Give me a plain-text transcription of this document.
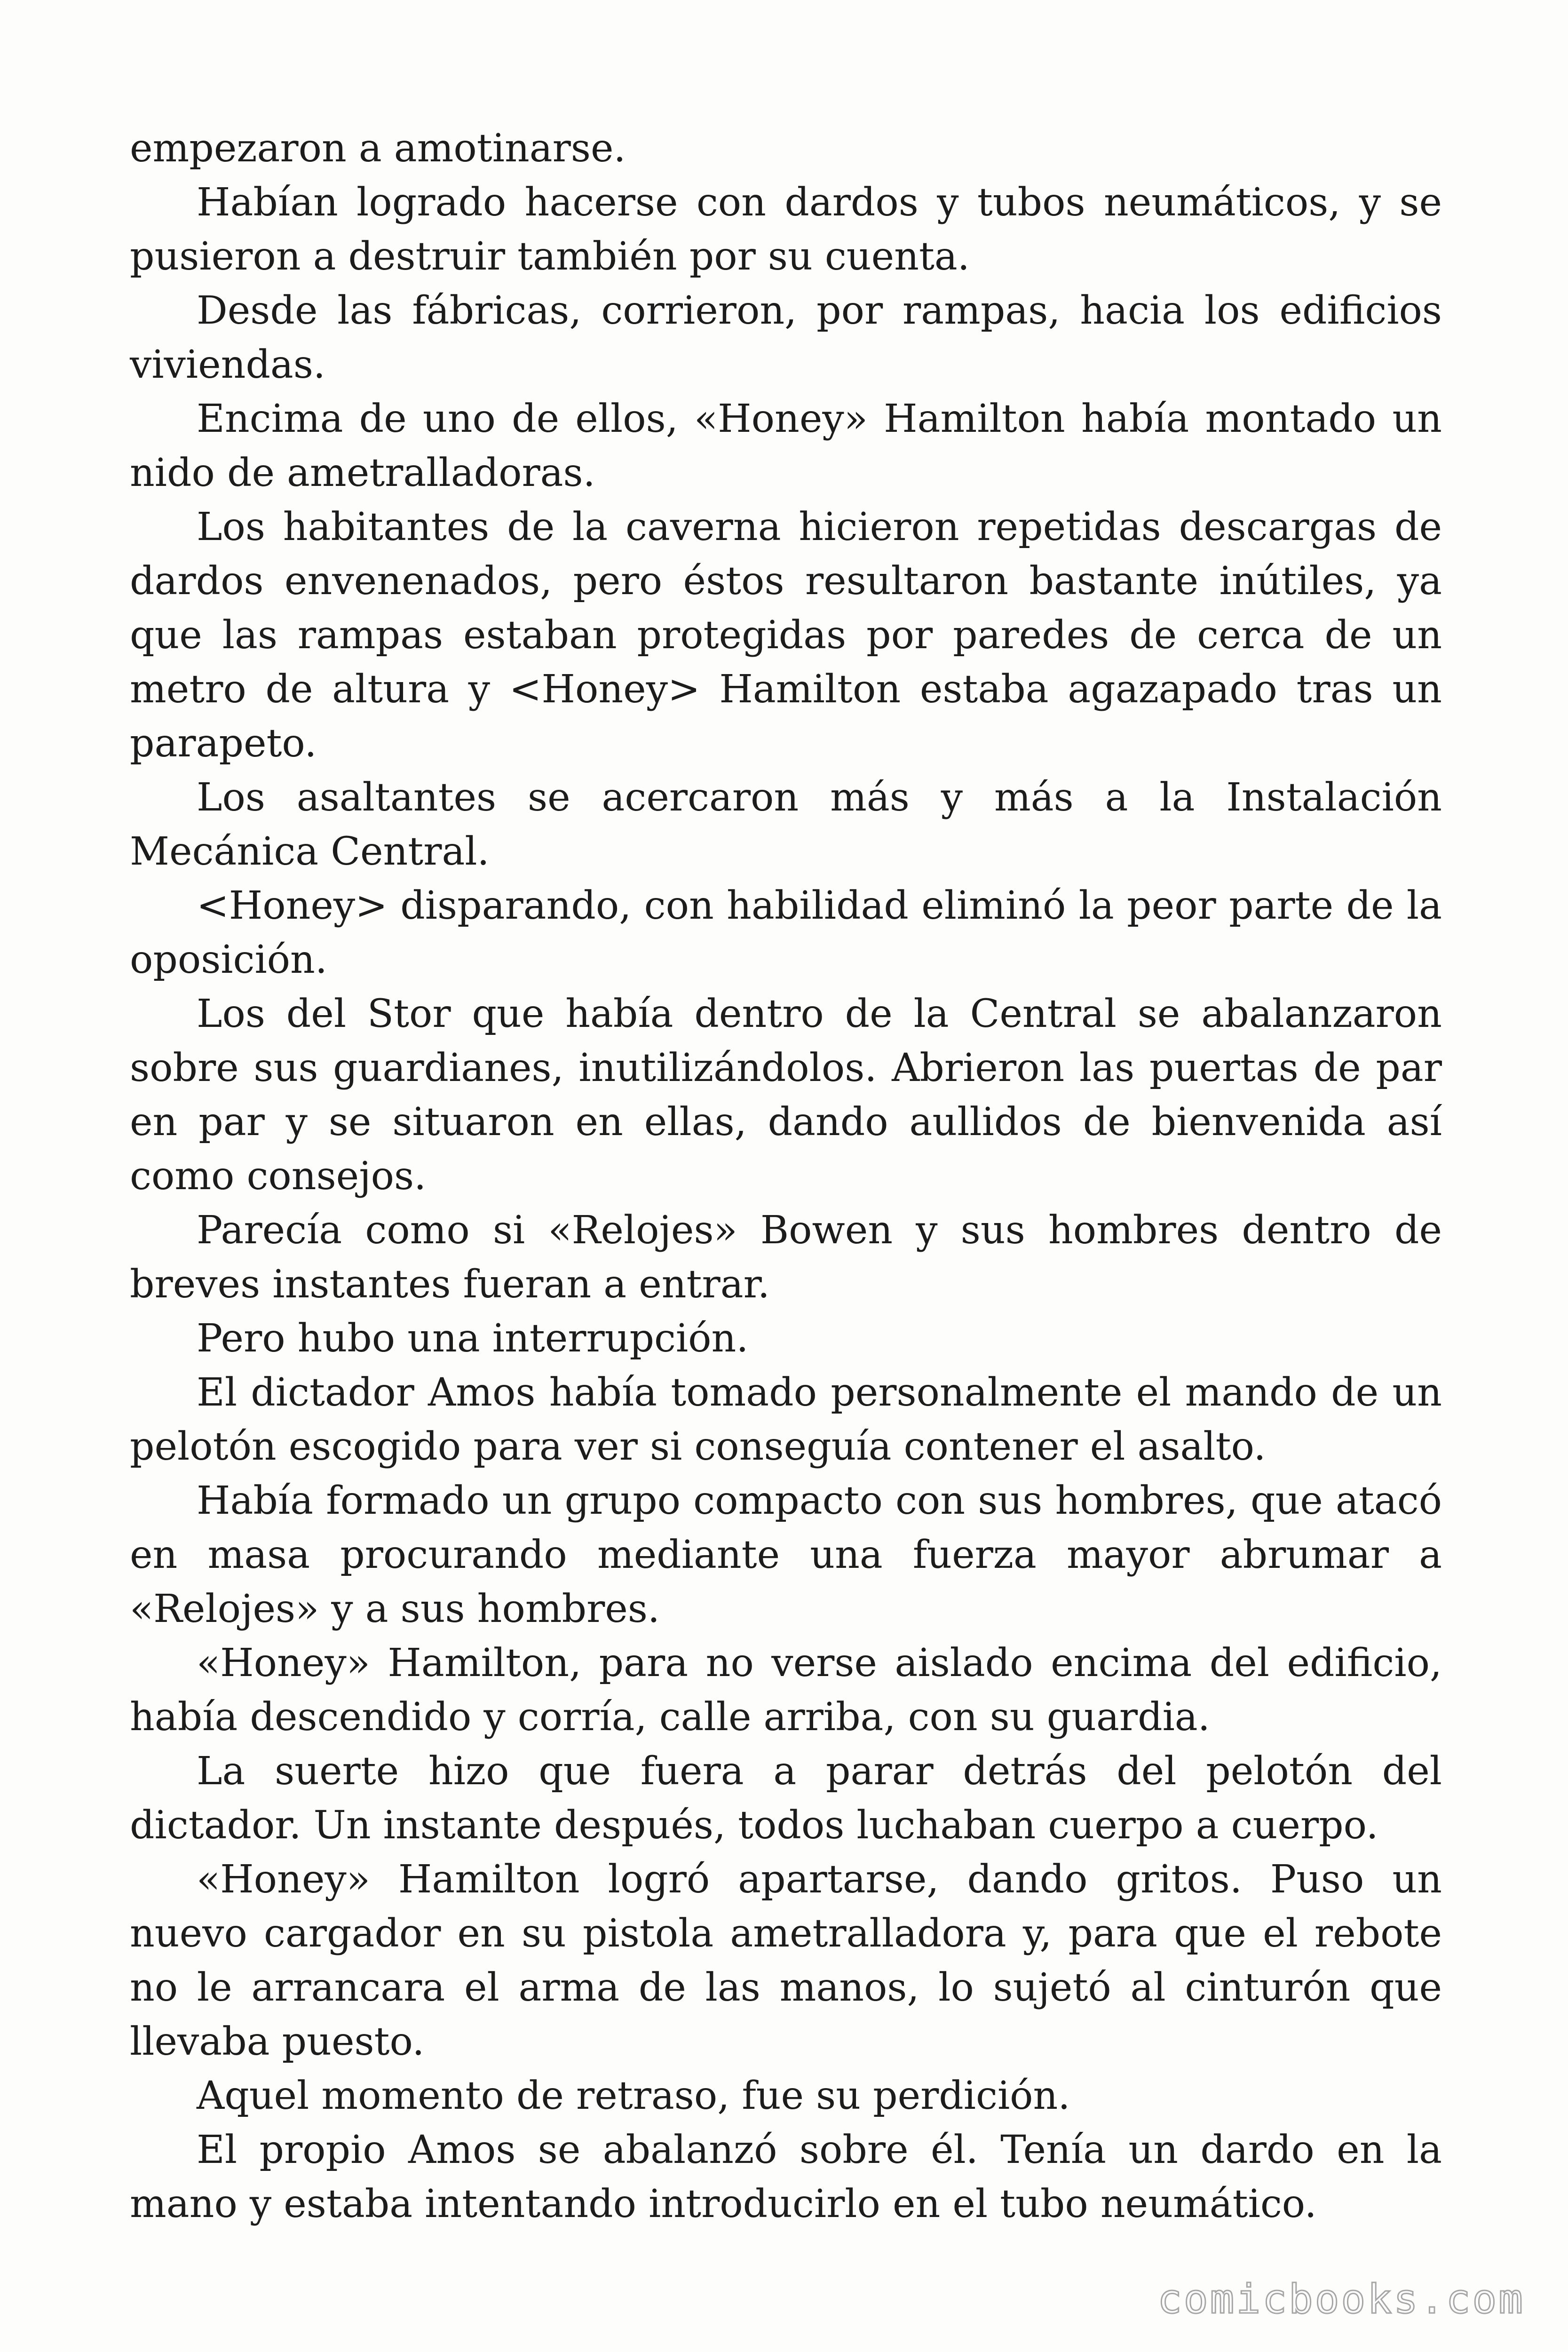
empezaron a amotinarse.

Habían logrado hacerse con dardos y tubos neumáticos, y se pusieron a destruir también por su cuenta.

Desde las fábricas, corrieron, por rampas, hacia los edificios viviendas.

Encima de uno de ellos, «Honey» Hamilton había montado un nido de ametralladoras.

Los habitantes de la caverna hicieron repetidas descargas de dardos envenenados, pero éstos resultaron bastante inútiles, ya que las rampas estaban protegidas por paredes de cerca de un metro de altura y <Honey> Hamilton estaba agazapado tras un parapeto.

Los asaltantes se acercaron más y más a la Instalación Mecánica Central.

<Honey> disparando, con habilidad eliminó la peor parte de la oposición.

Los del Stor que había dentro de la Central se abalanzaron sobre sus guardianes, inutilizándolos. Abrieron las puertas de par en par y se situaron en ellas, dando aullidos de bienvenida así como consejos.

Parecía como si «Relojes» Bowen y sus hombres dentro de breves instantes fueran a entrar.

Pero hubo una interrupción.

El dictador Amos había tomado personalmente el mando de un pelotón escogido para ver si conseguía contener el asalto.

Había formado un grupo compacto con sus hombres, que atacó en masa procurando mediante una fuerza mayor abrumar a «Relojes» y a sus hombres.

«Honey» Hamilton, para no verse aislado encima del edificio, había descendido y corría, calle arriba, con su guardia.

La suerte hizo que fuera a parar detrás del pelotón del dictador. Un instante después, todos luchaban cuerpo a cuerpo.

«Honey» Hamilton logró apartarse, dando gritos. Puso un nuevo cargador en su pistola ametralladora y, para que el rebote no le arrancara el arma de las manos, lo sujetó al cinturón que llevaba puesto.

Aquel momento de retraso, fue su perdición.

El propio Amos se abalanzó sobre él. Tenía un dardo en la mano y estaba intentando introducirlo en el tubo neumático.

comicbooks.com
